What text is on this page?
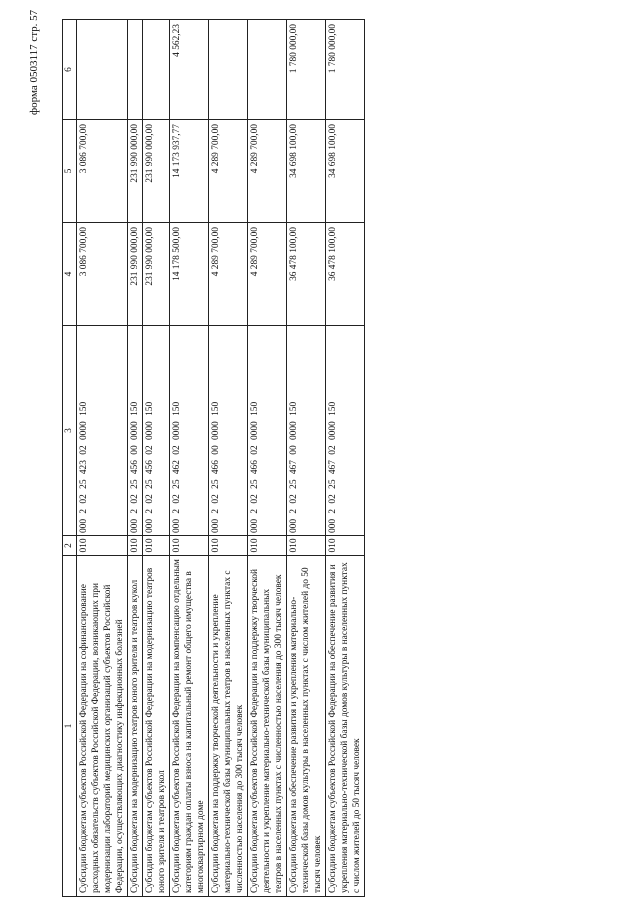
форма 0503117 стр. 57
1	2	3	4	5	6
Субсидии бюджетам субъектов Российской Федерации на софинансирование расходных обязательств субъектов Российской Федерации, возникающих при модернизации лабораторий медицинских организаций субъектов Российской Федерации, осуществляющих диагностику инфекционных болезней	010	000 2 02 25 423 02 0000 150	3 086 700,00	3 086 700,00	
Субсидии бюджетам на модернизацию театров юного зрителя и театров кукол	010	000 2 02 25 456 00 0000 150	231 990 000,00	231 990 000,00	
Субсидии бюджетам субъектов Российской Федерации на модернизацию театров юного зрителя и театров кукол	010	000 2 02 25 456 02 0000 150	231 990 000,00	231 990 000,00	
Субсидии бюджетам субъектов Российской Федерации на компенсацию отдельным категориям граждан оплаты взноса на капитальный ремонт общего имущества в многоквартирном доме	010	000 2 02 25 462 02 0000 150	14 178 500,00	14 173 937,77	4 562,23
Субсидии бюджетам на поддержку творческой деятельности и укрепление материально-технической базы муниципальных театров в населенных пунктах с численностью населения до 300 тысяч человек	010	000 2 02 25 466 00 0000 150	4 289 700,00	4 289 700,00	
Субсидии бюджетам субъектов Российской Федерации на поддержку творческой деятельности и укрепление материально-технической базы муниципальных театров в населенных пунктах с численностью населения до 300 тысяч человек	010	000 2 02 25 466 02 0000 150	4 289 700,00	4 289 700,00	
Субсидии бюджетам на обеспечение развития и укрепления материально-технической базы домов культуры в населенных пунктах с числом жителей до 50 тысяч человек	010	000 2 02 25 467 00 0000 150	36 478 100,00	34 698 100,00	1 780 000,00
Субсидии бюджетам субъектов Российской Федерации на обеспечение развития и укрепления материально-технической базы домов культуры в населенных пунктах с числом жителей до 50 тысяч человек	010	000 2 02 25 467 02 0000 150	36 478 100,00	34 698 100,00	1 780 000,00
